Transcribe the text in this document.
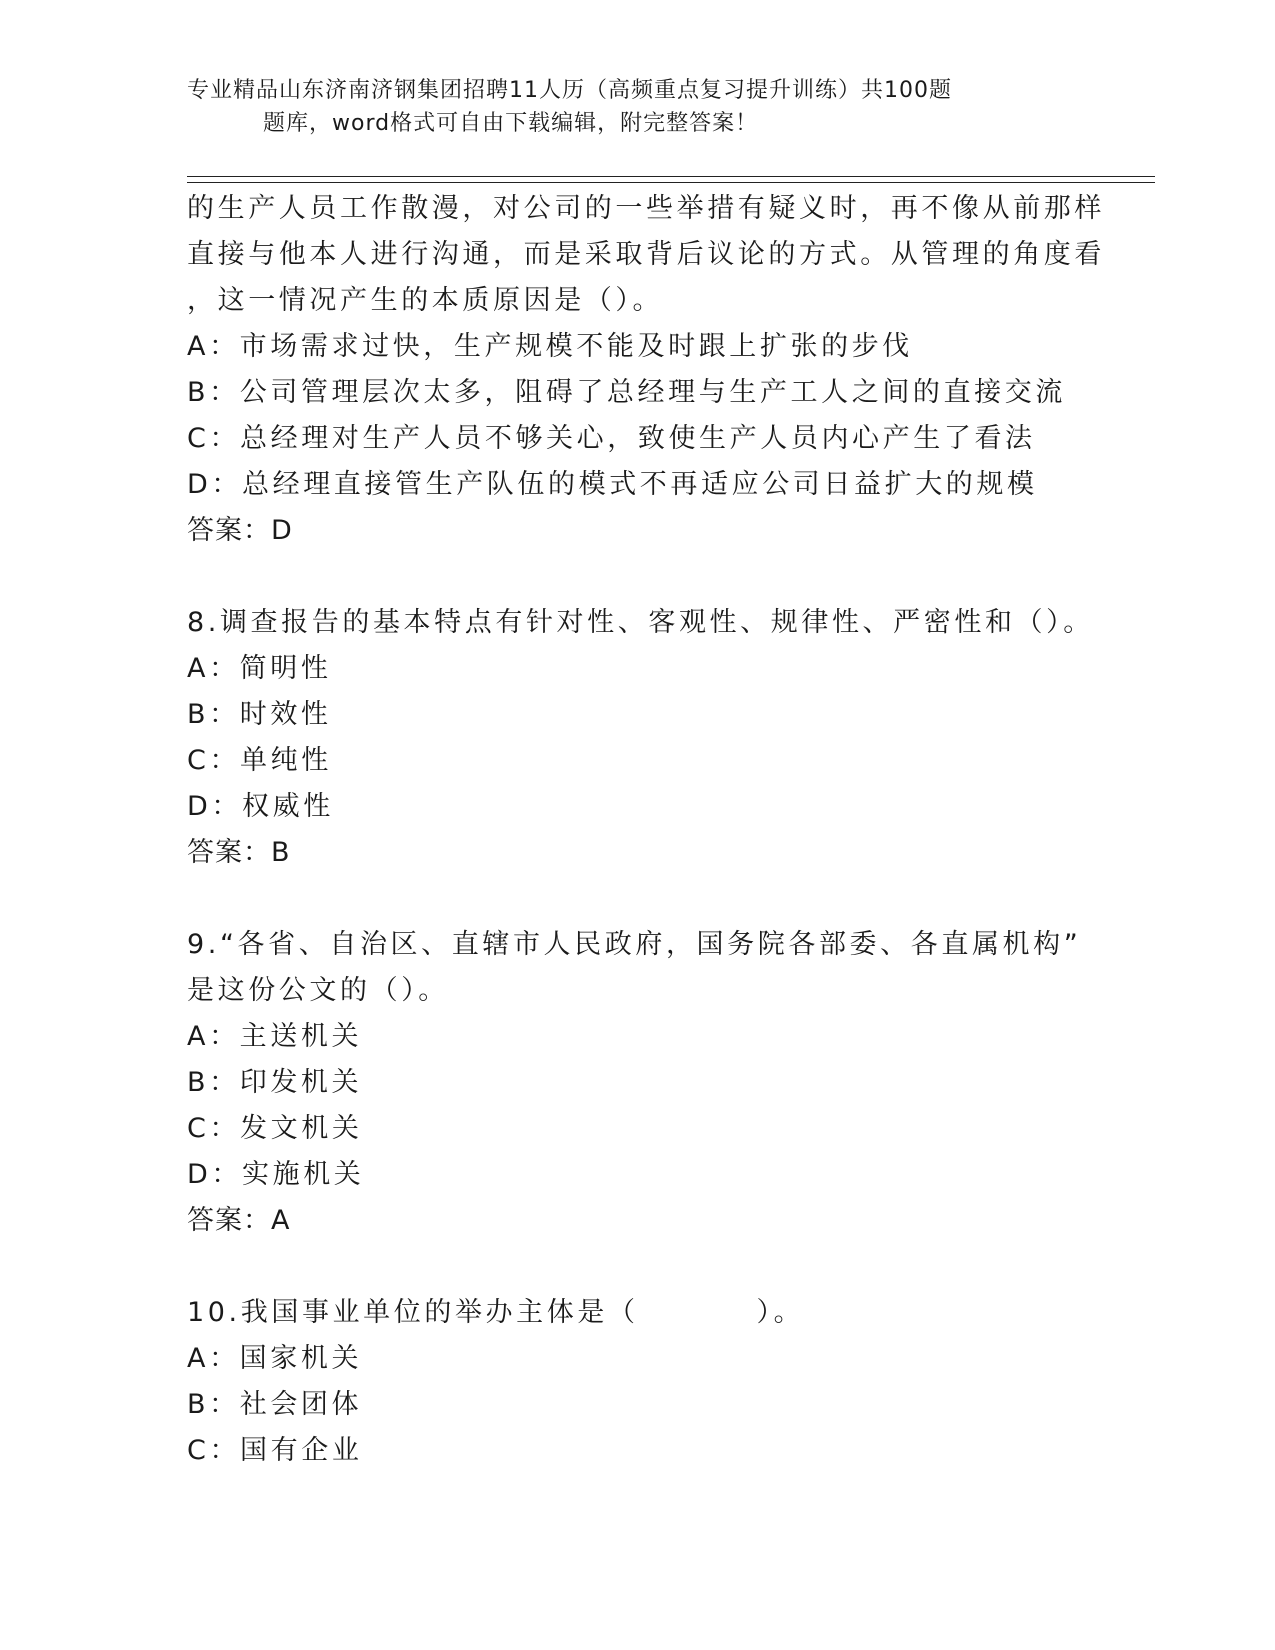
专业精品山东济南济钢集团招聘11人历（高频重点复习提升训练）共100题
题库，word格式可自由下载编辑，附完整答案！
的生产人员工作散漫，对公司的一些举措有疑义时，再不像从前那样
直接与他本人进行沟通，而是采取背后议论的方式。从管理的角度看
，这一情况产生的本质原因是（）。
A：市场需求过快，生产规模不能及时跟上扩张的步伐
B：公司管理层次太多，阻碍了总经理与生产工人之间的直接交流
C：总经理对生产人员不够关心，致使生产人员内心产生了看法
D：总经理直接管生产队伍的模式不再适应公司日益扩大的规模
答案：D
8.调查报告的基本特点有针对性、客观性、规律性、严密性和（）。
A：简明性
B：时效性
C：单纯性
D：权威性
答案：B
9.“各省、自治区、直辖市人民政府，国务院各部委、各直属机构”
是这份公文的（）。
A：主送机关
B：印发机关
C：发文机关
D：实施机关
答案：A
10.我国事业单位的举办主体是（	）。
A：国家机关
B：社会团体
C：国有企业
